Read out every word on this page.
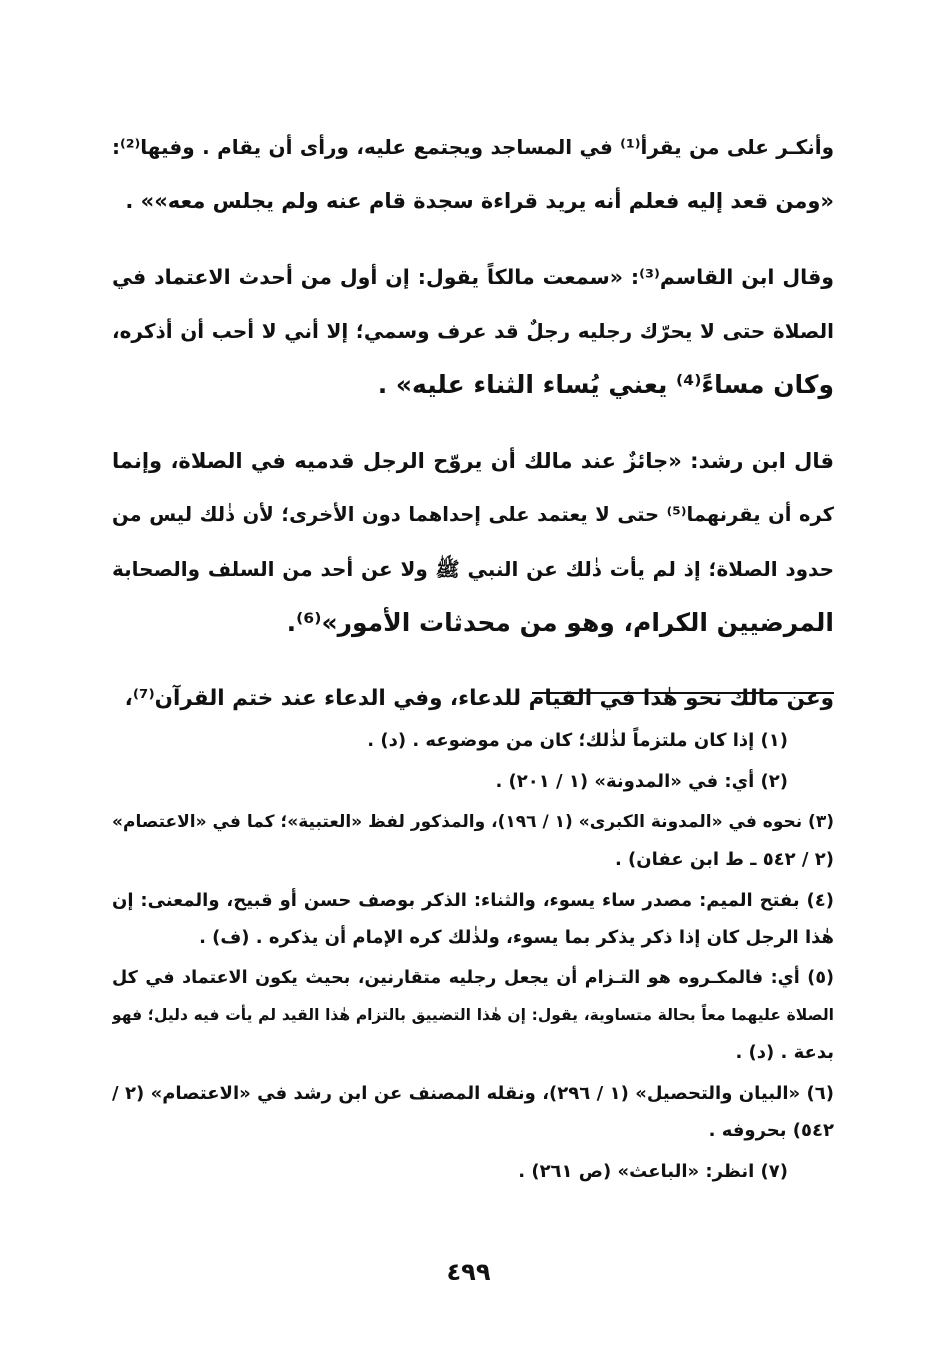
وأنكـر على من يقرأ⁽¹⁾ في المساجد ويجتمع عليه، ورأى أن يقام . وفيها⁽²⁾:
«ومن قعد إليه فعلم أنه يريد قراءة سجدة قام عنه ولم يجلس معه»» .
وقال ابن القاسم⁽³⁾: «سمعت مالكاً يقول: إن أول من أحدث الاعتماد في
الصلاة حتى لا يحرّك رجليه رجلٌ قد عرف وسمي؛ إلا أني لا أحب أن أذكره،
وكان مساءً⁽⁴⁾ يعني يُساء الثناء عليه» .
قال ابن رشد: «جائزٌ عند مالك أن يروّح الرجل قدميه في الصلاة، وإنما
كره أن يقرنهما⁽⁵⁾ حتى لا يعتمد على إحداهما دون الأخرى؛ لأن ذٰلك ليس من
حدود الصلاة؛ إذ لم يأت ذٰلك عن النبي ﷺ ولا عن أحد من السلف والصحابة
المرضيين الكرام، وهو من محدثات الأمور»⁽⁶⁾.
وعن مالك نحو هٰذا في القيام للدعاء، وفي الدعاء عند ختم القرآن⁽⁷⁾،
(١) إذا كان ملتزماً لذٰلك؛ كان من موضوعه . (د) .
(٢) أي: في «المدونة» (١ / ٢٠١) .
(٣) نحوه في «المدونة الكبرى» (١ / ١٩٦)، والمذكور لفظ «العتبية»؛ كما في «الاعتصام»
(٢ / ٥٤٢ ـ ط ابن عفان) .
(٤) بفتح الميم: مصدر ساء يسوء، والثناء: الذكر بوصف حسن أو قبيح، والمعنى: إن
هٰذا الرجل كان إذا ذكر يذكر بما يسوء، ولذٰلك كره الإمام أن يذكره . (ف) .
(٥) أي: فالمكـروه هو التـزام أن يجعل رجليه متقارنين، بحيث يكون الاعتماد في كل
الصلاة عليهما معاً بحالة متساوية، يقول: إن هٰذا التضييق بالتزام هٰذا القيد لم يأت فيه دليل؛ فهو
بدعة . (د) .
(٦) «البيان والتحصيل» (١ / ٢٩٦)، ونقله المصنف عن ابن رشد في «الاعتصام» (٢ /
٥٤٢) بحروفه .
(٧) انظر: «الباعث» (ص ٢٦١) .
٤٩٩
